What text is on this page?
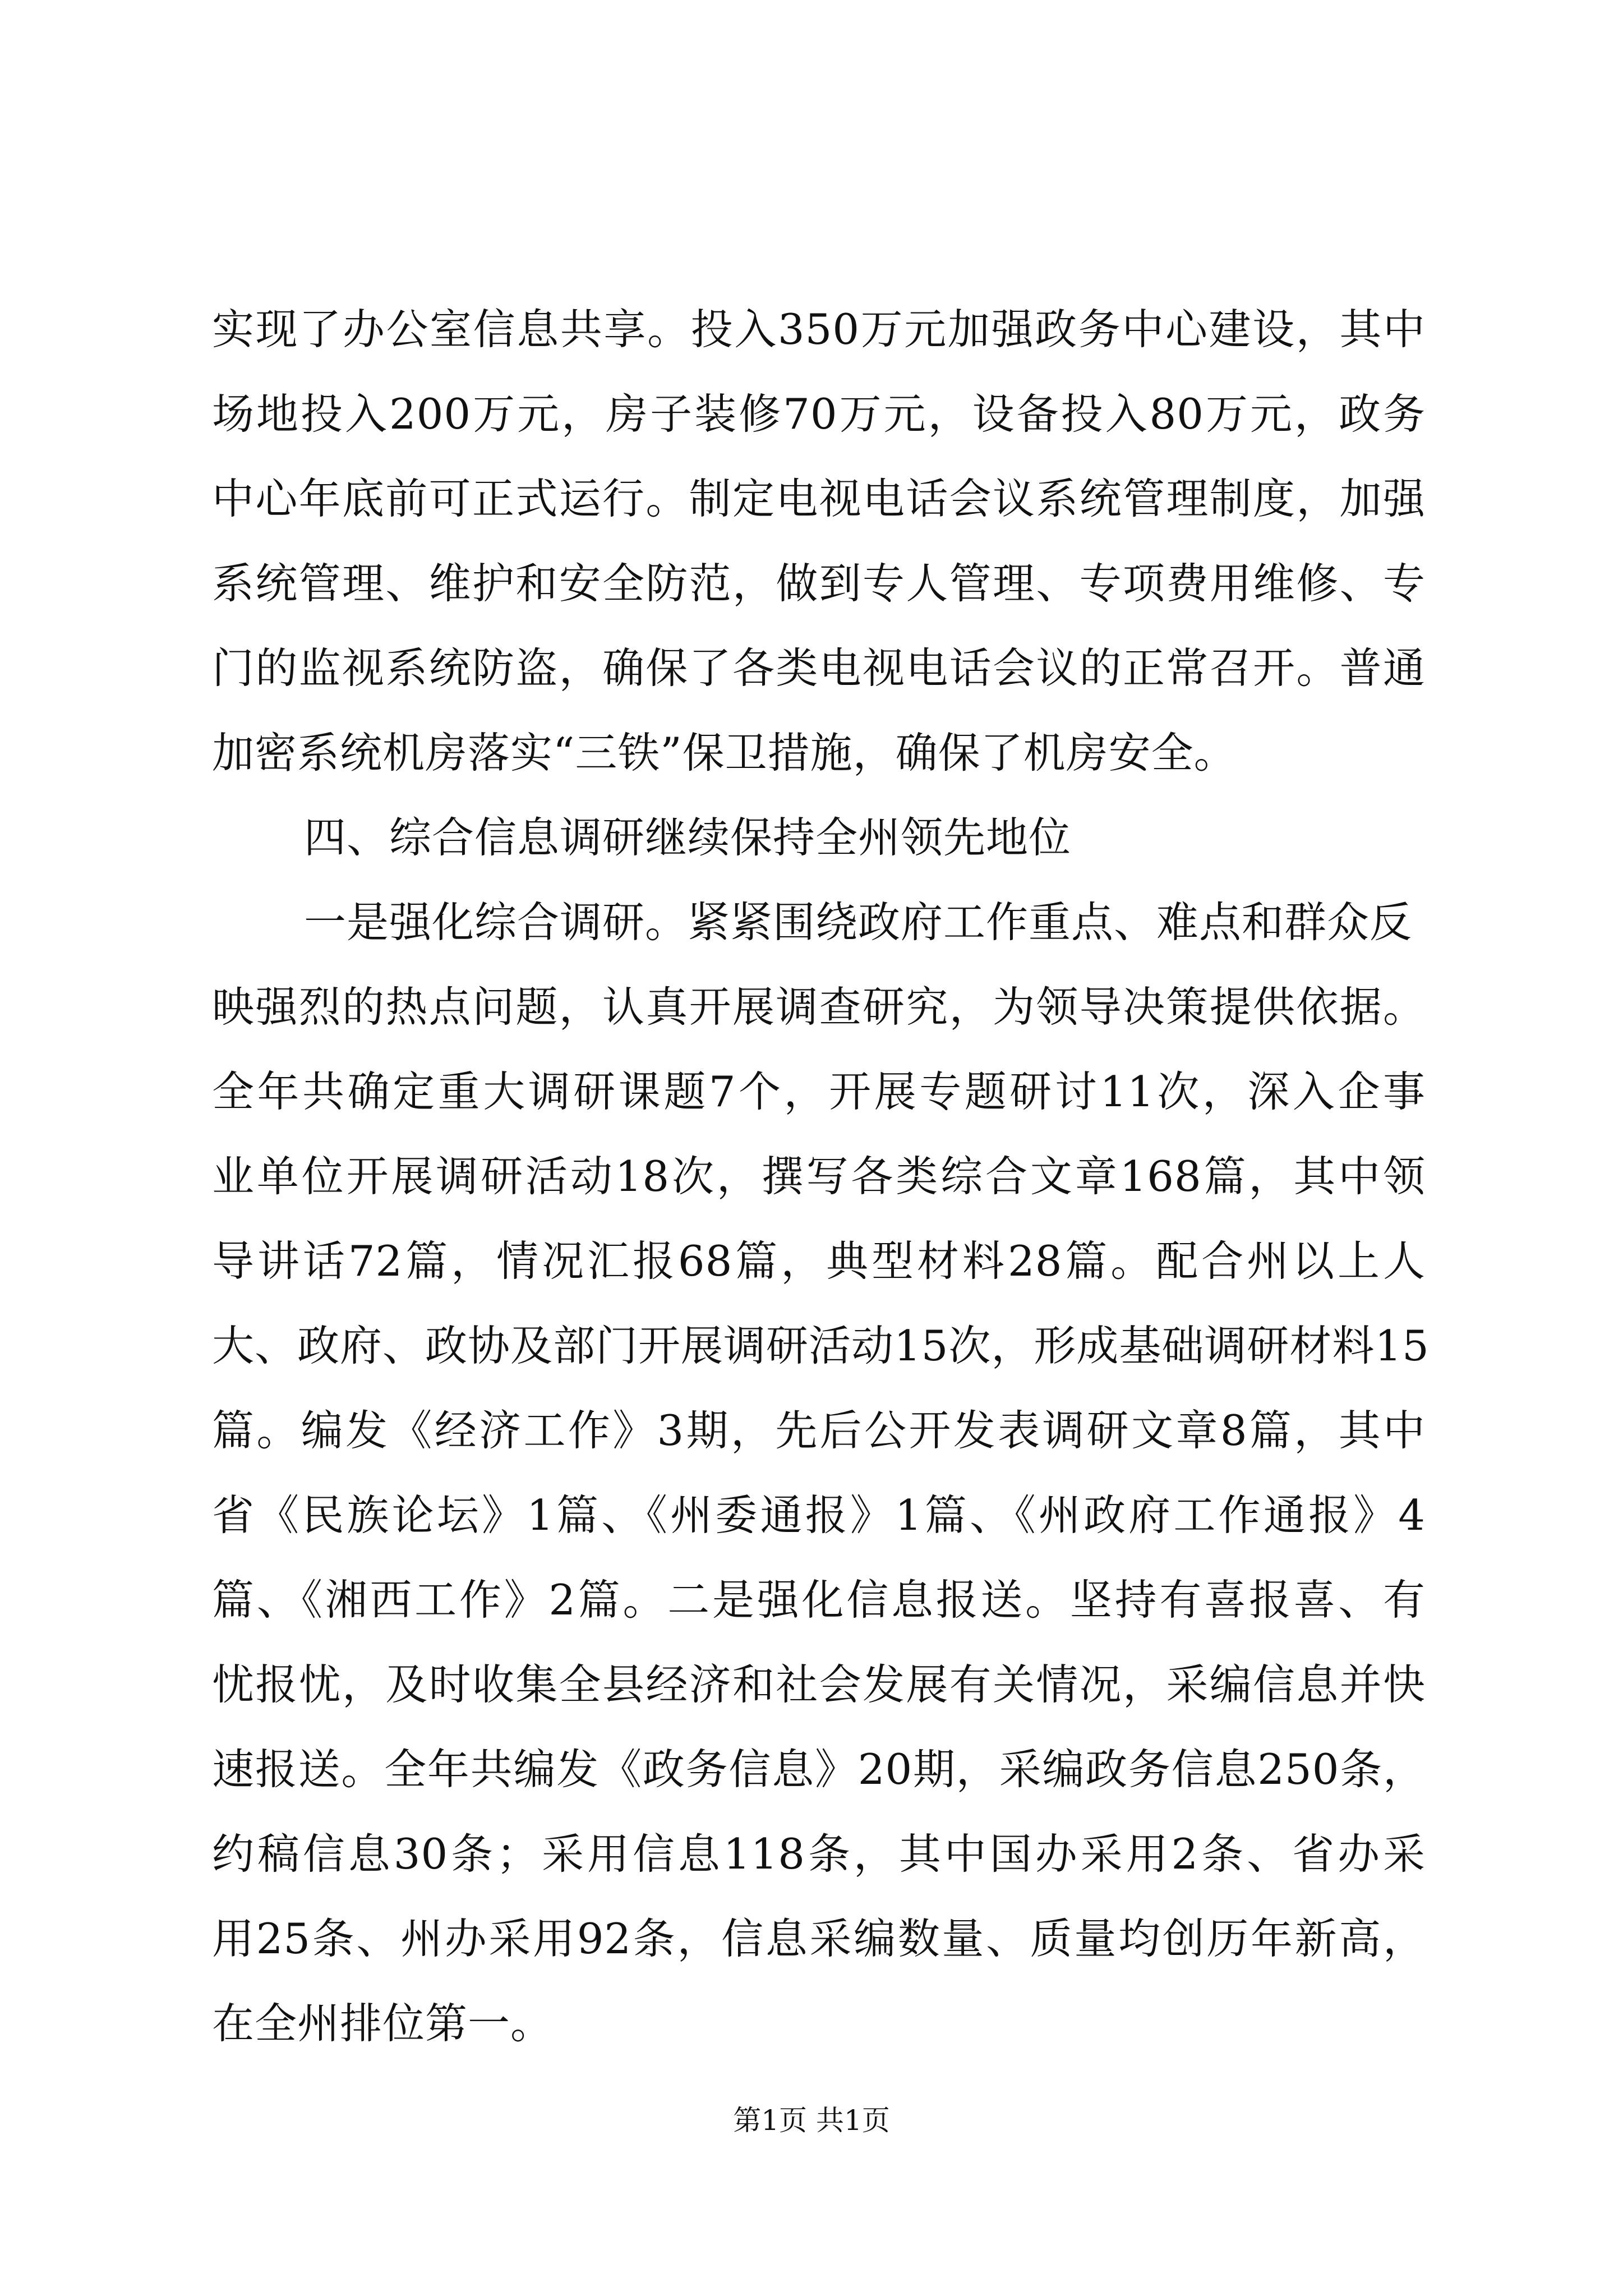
实现了办公室信息共享。投入350万元加强政务中心建设，其中
场地投入200万元，房子装修70万元，设备投入80万元，政务
中心年底前可正式运行。制定电视电话会议系统管理制度，加强
系统管理、维护和安全防范，做到专人管理、专项费用维修、专
门的监视系统防盗，确保了各类电视电话会议的正常召开。普通
加密系统机房落实“三铁”保卫措施，确保了机房安全。
四、综合信息调研继续保持全州领先地位
一是强化综合调研。紧紧围绕政府工作重点、难点和群众反
映强烈的热点问题，认真开展调查研究，为领导决策提供依据。
全年共确定重大调研课题7个，开展专题研讨11次，深入企事
业单位开展调研活动18次，撰写各类综合文章168篇，其中领
导讲话72篇，情况汇报68篇，典型材料28篇。配合州以上人
大、政府、政协及部门开展调研活动15次，形成基础调研材料15
篇。编发《经济工作》3期，先后公开发表调研文章8篇，其中
省《民族论坛》1篇、《州委通报》1篇、《州政府工作通报》4
篇、《湘西工作》2篇。二是强化信息报送。坚持有喜报喜、有
忧报忧，及时收集全县经济和社会发展有关情况，采编信息并快
速报送。全年共编发《政务信息》20期，采编政务信息250条，
约稿信息30条；采用信息118条，其中国办采用2条、省办采
用25条、州办采用92条，信息采编数量、质量均创历年新高，
在全州排位第一。
第1页 共1页
